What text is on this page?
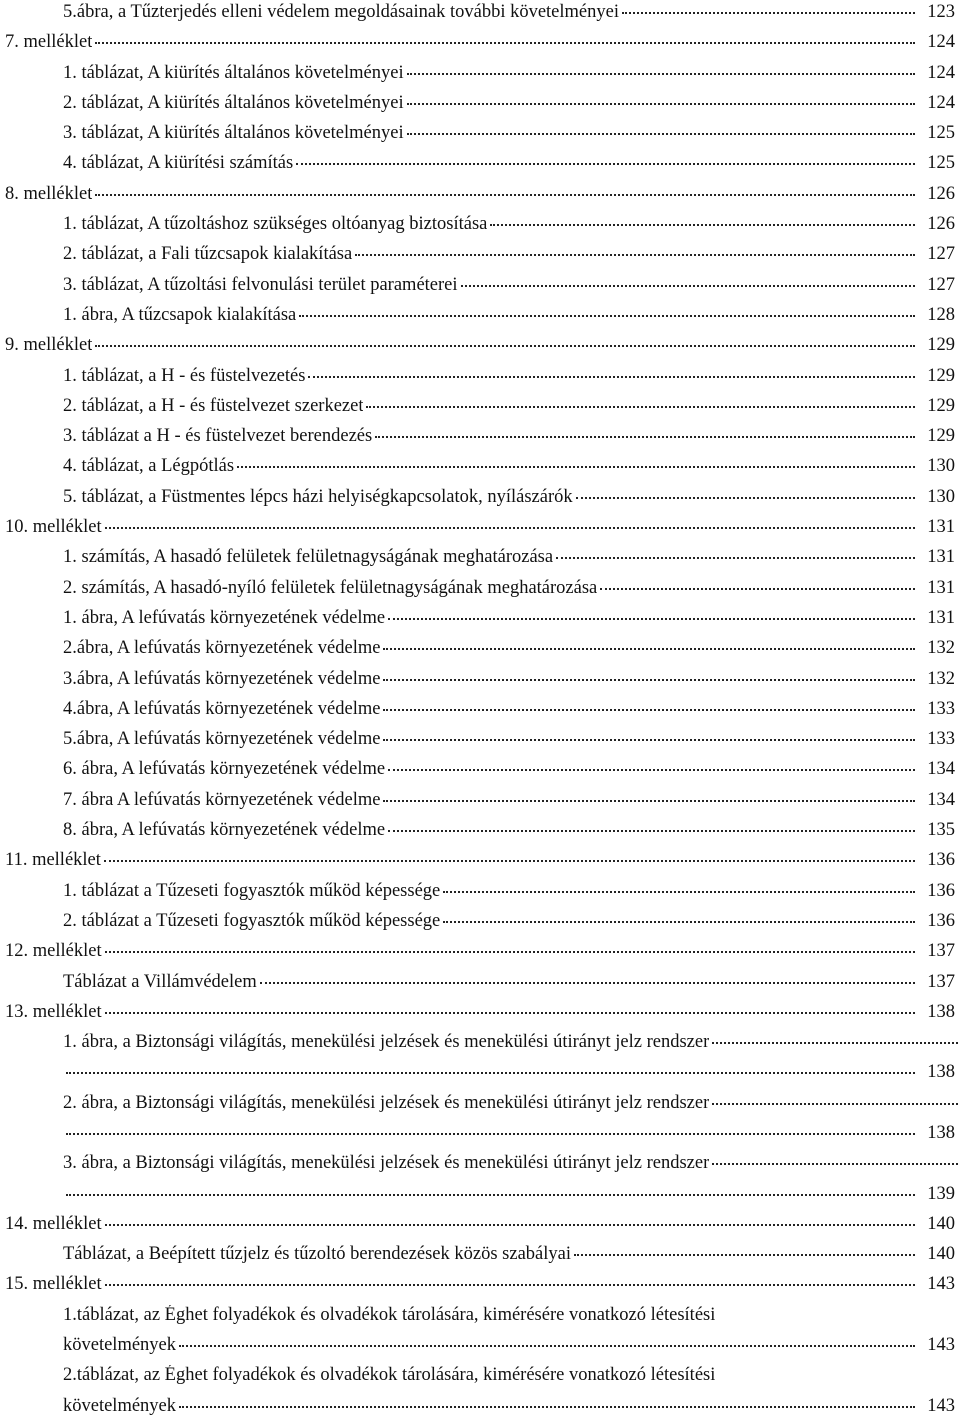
5.ábra, a Tűzterjedés elleni védelem megoldásainak további követelményei	123
7. melléklet	124
1. táblázat, A kiürítés általános követelményei	124
2. táblázat, A kiürítés általános követelményei	124
3. táblázat, A kiürítés általános követelményei	125
4. táblázat, A kiürítési számítás	125
8. melléklet	126
1. táblázat, A tűzoltáshoz szükséges oltóanyag biztosítása	126
2. táblázat, a Fali tűzcsapok kialakítása	127
3. táblázat, A tűzoltási felvonulási terület paraméterei	127
1. ábra, A tűzcsapok kialakítása	128
9. melléklet	129
1. táblázat, a H - és füstelvezetés	129
2. táblázat, a H - és füstelvezet szerkezet	129
3. táblázat a H - és füstelvezet berendezés	129
4. táblázat, a Légpótlás	130
5. táblázat, a Füstmentes lépcs házi helyiségkapcsolatok, nyílászárók	130
10. melléklet	131
1. számítás, A hasadó felületek felületnagyságának meghatározása	131
2. számítás, A hasadó-nyíló felületek felületnagyságának meghatározása	131
1. ábra, A lefúvatás környezetének védelme	131
2.ábra, A lefúvatás környezetének védelme	132
3.ábra, A lefúvatás környezetének védelme	132
4.ábra, A lefúvatás környezetének védelme	133
5.ábra, A lefúvatás környezetének védelme	133
6. ábra, A lefúvatás környezetének védelme	134
7. ábra A lefúvatás környezetének védelme	134
8. ábra, A lefúvatás környezetének védelme	135
11. melléklet	136
1. táblázat a Tűzeseti fogyasztók működ képessége	136
2. táblázat a Tűzeseti fogyasztók működ képessége	136
12. melléklet	137
Táblázat a Villámvédelem	137
13. melléklet	138
1. ábra, a Biztonsági világítás, menekülési jelzések és menekülési útirányt jelz rendszer
138
2. ábra, a Biztonsági világítás, menekülési jelzések és menekülési útirányt jelz rendszer
138
3. ábra, a Biztonsági világítás, menekülési jelzések és menekülési útirányt jelz rendszer
139
14. melléklet	140
Táblázat, a Beépített tűzjelz és tűzoltó berendezések közös szabályai	140
15. melléklet	143
1.táblázat, az Éghet folyadékok és olvadékok tárolására, kimérésére vonatkozó létesítési
követelmények	143
2.táblázat, az Éghet folyadékok és olvadékok tárolására, kimérésére vonatkozó létesítési
követelmények	143
